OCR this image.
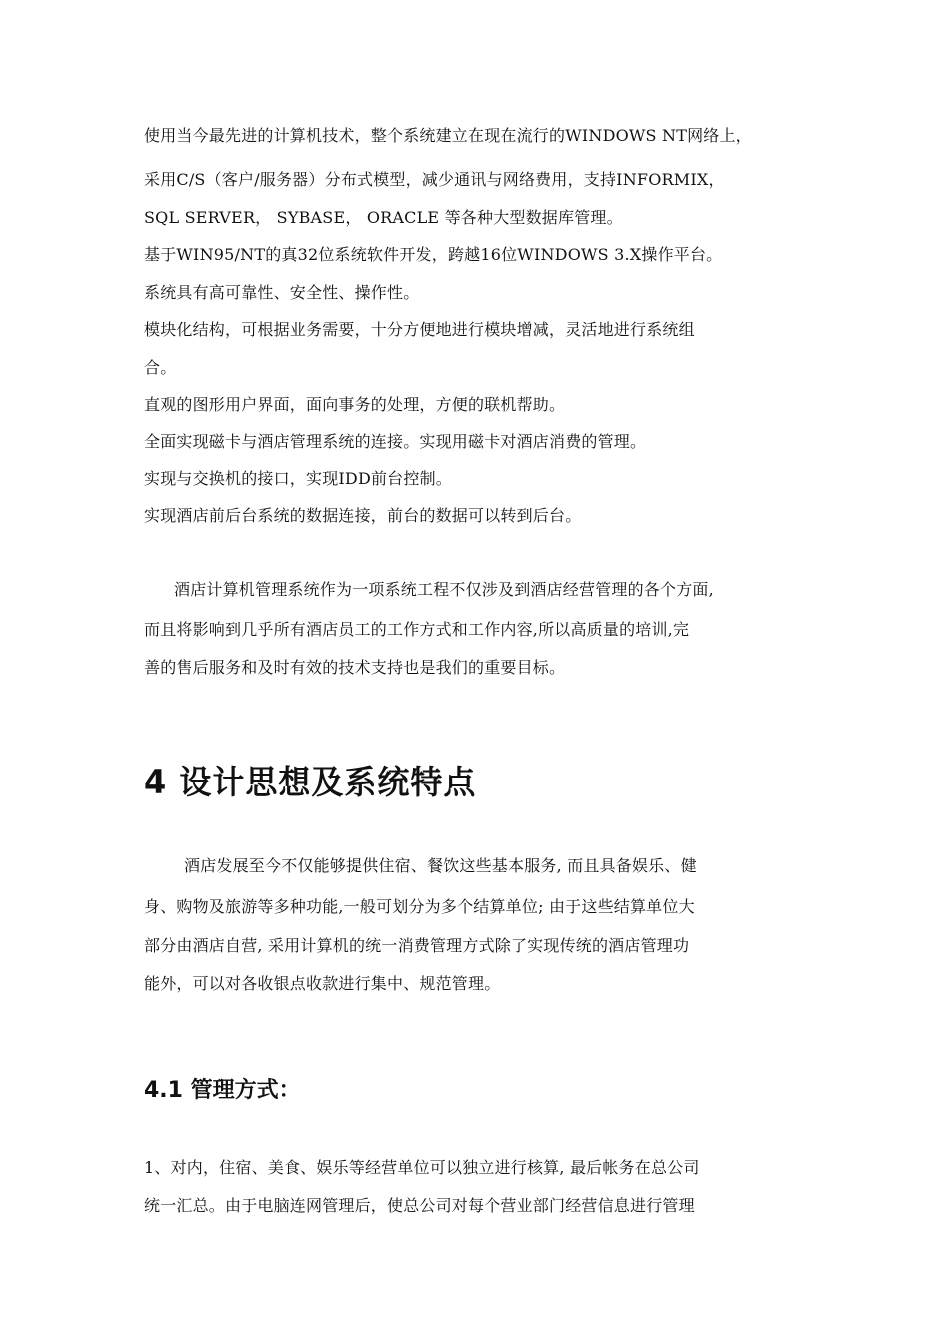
使用当今最先进的计算机技术，整个系统建立在现在流行的WINDOWS NT网络上，
采用C/S（客户/服务器）分布式模型，减少通讯与网络费用，支持INFORMIX，
SQL SERVER， SYBASE， ORACLE 等各种大型数据库管理。
基于WIN95/NT的真32位系统软件开发，跨越16位WINDOWS 3.X操作平台。
系统具有高可靠性、安全性、操作性。
模块化结构，可根据业务需要，十分方便地进行模块增减，灵活地进行系统组
合。
直观的图形用户界面，面向事务的处理，方便的联机帮助。
全面实现磁卡与酒店管理系统的连接。实现用磁卡对酒店消费的管理。
实现与交换机的接口，实现IDD前台控制。
实现酒店前后台系统的数据连接，前台的数据可以转到后台。
酒店计算机管理系统作为一项系统工程不仅涉及到酒店经营管理的各个方面,
而且将影响到几乎所有酒店员工的工作方式和工作内容,所以高质量的培训,完
善的售后服务和及时有效的技术支持也是我们的重要目标。
4 设计思想及系统特点
酒店发展至今不仅能够提供住宿、餐饮这些基本服务, 而且具备娱乐、健
身、购物及旅游等多种功能,一般可划分为多个结算单位; 由于这些结算单位大
部分由酒店自营, 采用计算机的统一消费管理方式除了实现传统的酒店管理功
能外，可以对各收银点收款进行集中、规范管理。
4.1 管理方式：
1、对内，住宿、美食、娱乐等经营单位可以独立进行核算, 最后帐务在总公司
统一汇总。由于电脑连网管理后，使总公司对每个营业部门经营信息进行管理
